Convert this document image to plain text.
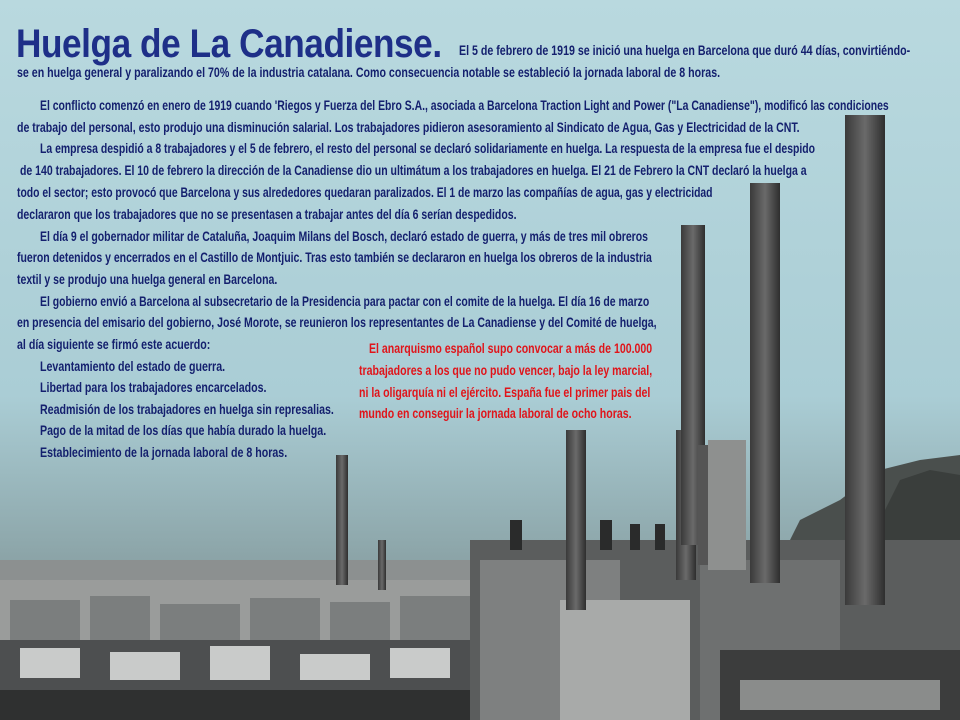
Huelga de La Canadiense. El 5 de febrero de 1919 se inició una huelga en Barcelona que duró 44 días, convirtiéndo-
se en huelga general y paralizando el 70% de la industria catalana. Como consecuencia notable se estableció la jornada laboral de 8 horas.
El conflicto comenzó en enero de 1919 cuando 'Riegos y Fuerza del Ebro S.A., asociada a Barcelona Traction Light and Power ("La Canadiense"), modificó las condiciones
de trabajo del personal, esto produjo una disminución salarial. Los trabajadores pidieron asesoramiento al Sindicato de Agua, Gas y Electricidad de la CNT.
La empresa despidió a 8 trabajadores y el 5 de febrero, el resto del personal se declaró solidariamente en huelga. La respuesta de la empresa fue el despido
de 140 trabajadores. El 10 de febrero la dirección de la Canadiense dio un ultimátum a los trabajadores en huelga. El 21 de Febrero la CNT declaró la huelga a
todo el sector; esto provocó que Barcelona y sus alrededores quedaran paralizados. El 1 de marzo las compañías de agua, gas y electricidad
declararon que los trabajadores que no se presentasen a trabajar antes del día 6 serían despedidos.
El día 9 el gobernador militar de Cataluña, Joaquim Milans del Bosch, declaró estado de guerra, y más de tres mil obreros
fueron detenidos y encerrados en el Castillo de Montjuic. Tras esto también se declararon en huelga los obreros de la industria
textil y se produjo una huelga general en Barcelona.
El gobierno envió a Barcelona al subsecretario de la Presidencia para pactar con el comite de la huelga. El día 16 de marzo
en presencia del emisario del gobierno, José Morote, se reunieron los representantes de La Canadiense y del Comité de huelga,
al día siguiente se firmó este acuerdo:
Levantamiento del estado de guerra.
Libertad para los trabajadores encarcelados.
Readmisión de los trabajadores en huelga sin represalias.
Pago de la mitad de los días que había durado la huelga.
Establecimiento de la jornada laboral de 8 horas.
El anarquismo español supo convocar a más de 100.000
trabajadores a los que no pudo vencer, bajo la ley marcial,
ni la oligarquía ni el ejército. España fue el primer pais del
mundo en conseguir la jornada laboral de ocho horas.
